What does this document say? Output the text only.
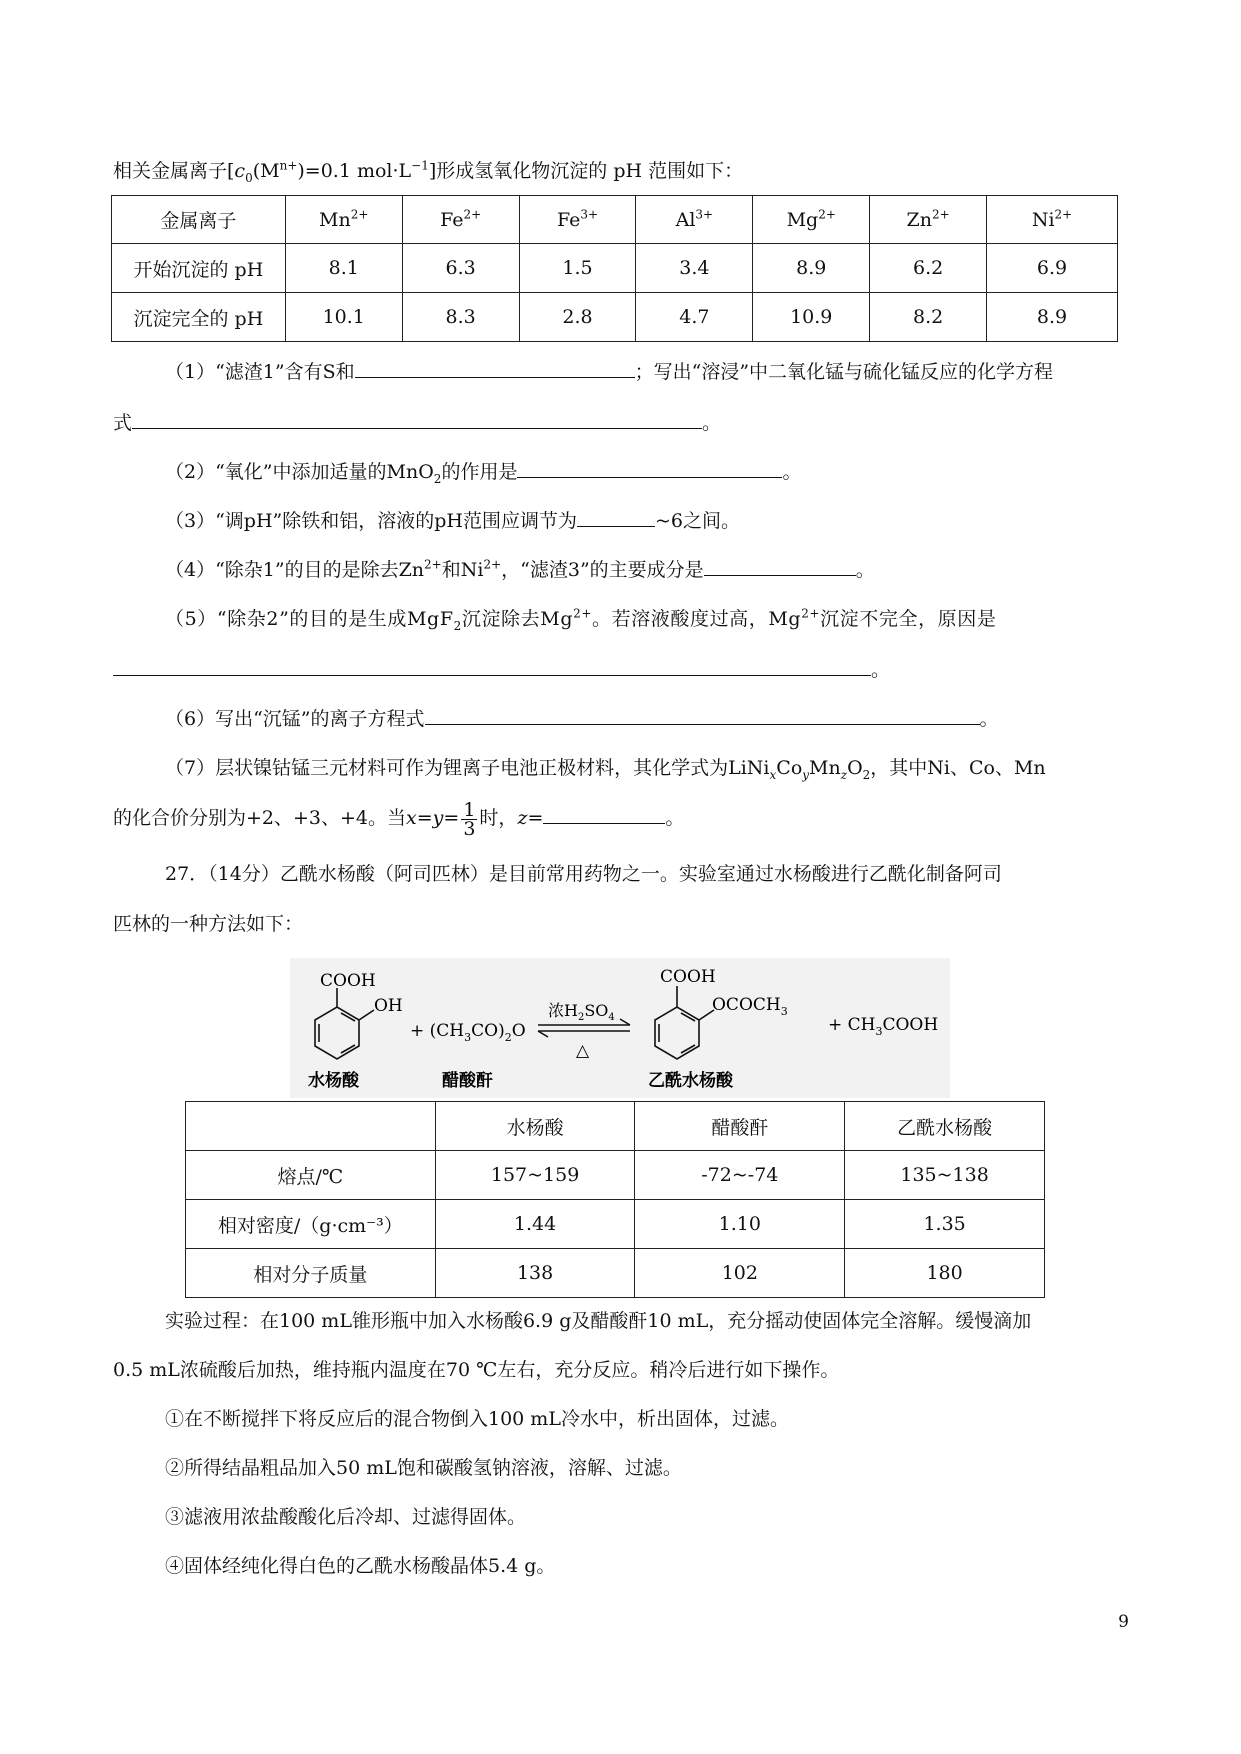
相关金属离子[$c_0(M^{n+})=0.1$ $mol\cdot L^{-1}$]形成氢氧化物沉淀的 pH 范围如下：
金属离子	$Mn^{2+}$	$Fe^{2+}$	$Fe^{3+}$	$Al^{3+}$	$Mg^{2+}$	$Zn^{2+}$	$Ni^{2+}$
开始沉淀的 pH	8.1	6.3	1.5	3.4	8.9	6.2	6.9
沉淀完全的 pH	10.1	8.3	2.8	4.7	10.9	8.2	8.9
（1）“滤渣1”含有S和	；写出“溶浸”中二氧化锰与硫化锰反应的化学方程
式	。
（2）“氧化”中添加适量的MnO$_2$的作用是	。
（3）“调pH”除铁和铝，溶液的pH范围应调节为	~6之间。
（4）“除杂1”的目的是除去$Zn^{2+}$和$Ni^{2+}$，“滤渣3”的主要成分是	。
（5）“除杂2”的目的是生成MgF$_2$沉淀除去$Mg^{2+}$。若溶液酸度过高，$Mg^{2+}$沉淀不完全，原因是
。
（6）写出“沉锰”的离子方程式	。
（7）层状镍钴锰三元材料可作为锂离子电池正极材料，其化学式为$LiNi_xCo_yMn_zO_2$，其中Ni、Co、Mn
的化合价分别为+2、+3、+4。当$x=y= \frac{1}{3}$ 时，z=	。
27．（14分）乙酰水杨酸（阿司匹林）是目前常用药物之一。实验室通过水杨酸进行乙酰化制备阿司
匹林的一种方法如下：
COOH
OH
水杨酸
+ $(CH_3CO)_2O$
醋酸酐
浓$H_2SO_4$
△
COOH
$OCOCH_3$
乙酰水杨酸
+ $CH_3COOH$
	水杨酸	醋酸酐	乙酰水杨酸
熔点/℃	157~159	-72~-74	135~138
相对密度/（g·cm⁻³）	1.44	1.10	1.35
相对分子质量	138	102	180
实验过程：在100 mL锥形瓶中加入水杨酸6.9 g及醋酸酐10 mL，充分摇动使固体完全溶解。缓慢滴加
0.5 mL浓硫酸后加热，维持瓶内温度在70 ℃左右，充分反应。稍冷后进行如下操作。
①在不断搅拌下将反应后的混合物倒入100 mL冷水中，析出固体，过滤。
②所得结晶粗品加入50 mL饱和碳酸氢钠溶液，溶解、过滤。
③滤液用浓盐酸酸化后冷却、过滤得固体。
④固体经纯化得白色的乙酰水杨酸晶体5.4 g。
9
